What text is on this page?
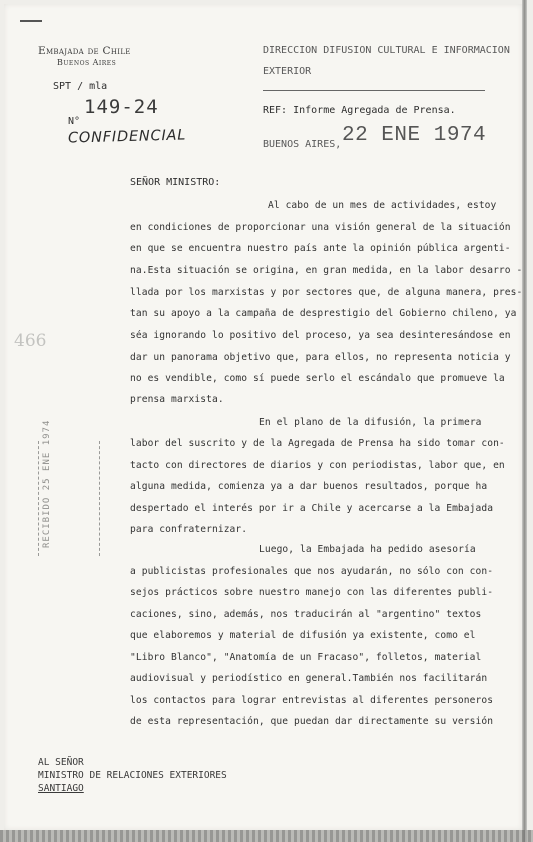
Embajada de Chile
Buenos Aires
SPT / mla
N°
149-24
CONFIDENCIAL
DIRECCION DIFUSION CULTURAL E INFORMACION
EXTERIOR
REF: Informe Agregada de Prensa.
BUENOS AIRES, 22 ENE 1974
SEÑOR MINISTRO:
Al cabo de un mes de actividades, estoy
en condiciones de proporcionar una visión general de la situación
en que se encuentra nuestro país ante la opinión pública argenti-
na.Esta situación se origina, en gran medida, en la labor desarro -
llada por los marxistas y por sectores que, de alguna manera, pres-
tan su apoyo a la campaña de desprestigio del Gobierno chileno, ya
séa ignorando lo positivo del proceso, ya sea desinteresándose en
dar un panorama objetivo que, para ellos, no representa noticia y
no es vendible, como sí puede serlo el escándalo que promueve la
prensa marxista.
En el plano de la difusión, la primera
labor del suscrito y de la Agregada de Prensa ha sido tomar con-
tacto con directores de diarios y con periodistas, labor que, en
alguna medida, comienza ya a dar buenos resultados, porque ha
despertado el interés por ir a Chile y acercarse a la Embajada
para confraternizar.
Luego, la Embajada ha pedido asesoría
a publicistas profesionales que nos ayudarán, no sólo con con-
sejos prácticos sobre nuestro manejo con las diferentes publi-
caciones, sino, además, nos traducirán al "argentino" textos
que elaboremos y material de difusión ya existente, como el
"Libro Blanco", "Anatomía de un Fracaso", folletos, material
audiovisual y periodístico en general.También nos facilitarán
los contactos para lograr entrevistas al diferentes personeros
de esta representación, que puedan dar directamente su versión
466
RECIBIDO 25 ENE 1974
AL SEÑOR
MINISTRO DE RELACIONES EXTERIORES
SANTIAGO
